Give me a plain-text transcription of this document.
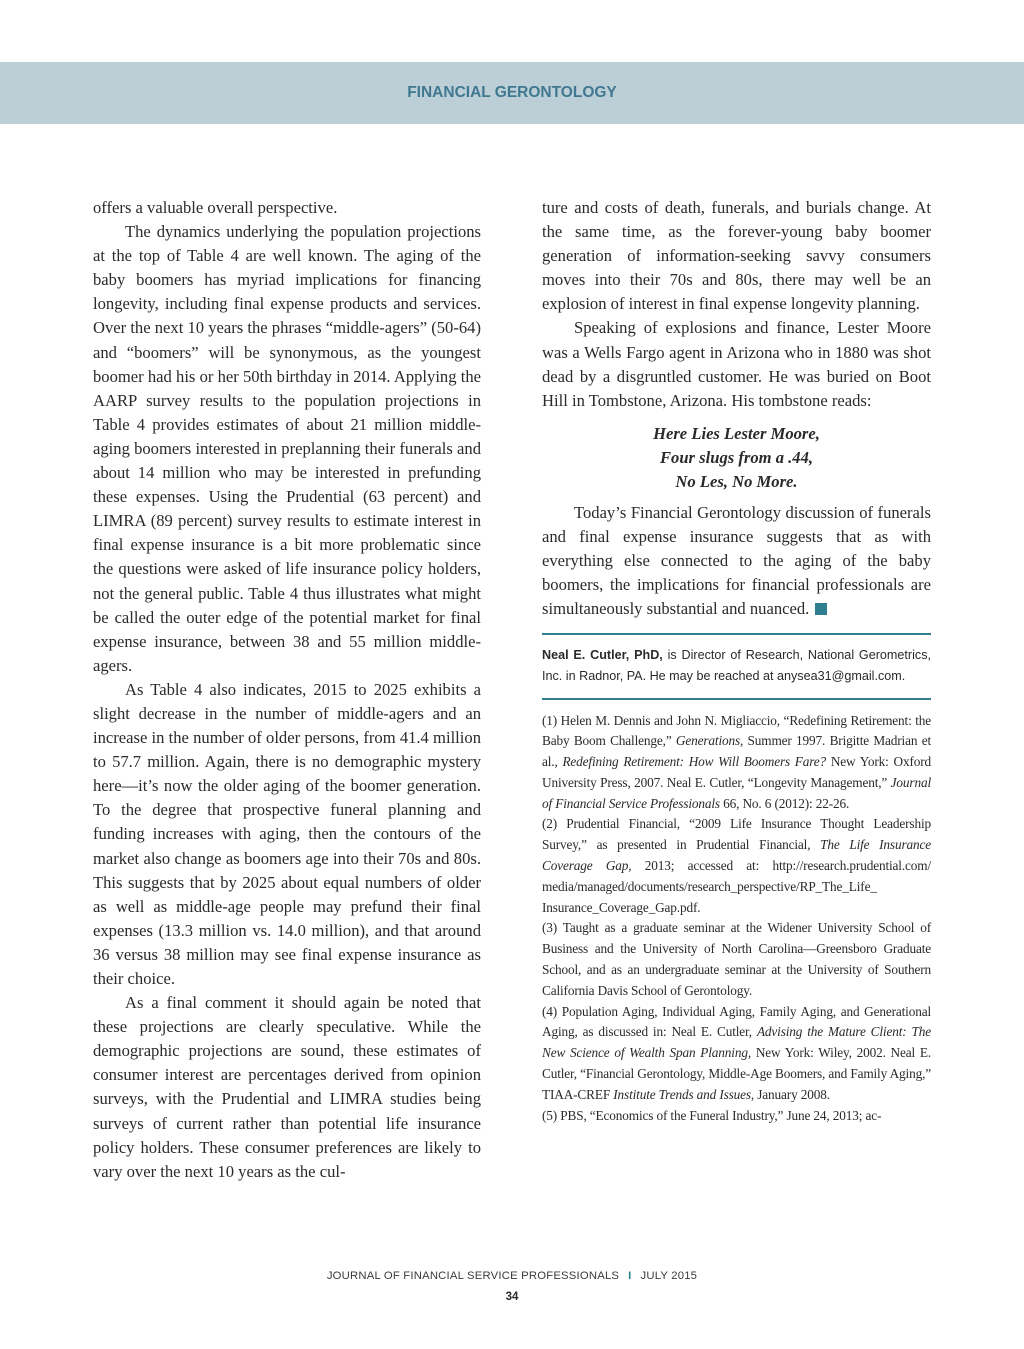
FINANCIAL GERONTOLOGY

offers a valuable overall perspective.

The dynamics underlying the population projections at the top of Table 4 are well known. The aging of the baby boomers has myriad implications for financing longevity, including final expense products and services. Over the next 10 years the phrases “middle-agers” (50-64) and “boomers” will be synonymous, as the youngest boomer had his or her 50th birthday in 2014. Applying the AARP survey results to the population projections in Table 4 provides estimates of about 21 million middle-aging boomers interested in preplanning their funerals and about 14 million who may be interested in prefunding these expenses. Using the Prudential (63 percent) and LIMRA (89 percent) survey results to estimate interest in final expense insurance is a bit more problematic since the questions were asked of life insurance policy holders, not the general public. Table 4 thus illustrates what might be called the outer edge of the potential market for final expense insurance, between 38 and 55 million middle-agers.

As Table 4 also indicates, 2015 to 2025 exhibits a slight decrease in the number of middle-agers and an increase in the number of older persons, from 41.4 million to 57.7 million. Again, there is no demographic mystery here—it’s now the older aging of the boomer generation. To the degree that prospective funeral planning and funding increases with aging, then the contours of the market also change as boomers age into their 70s and 80s. This suggests that by 2025 about equal numbers of older as well as middle-age people may prefund their final expenses (13.3 million vs. 14.0 million), and that around 36 versus 38 million may see final expense insurance as their choice.

As a final comment it should again be noted that these projections are clearly speculative. While the demographic projections are sound, these estimates of consumer interest are percentages derived from opinion surveys, with the Prudential and LIMRA studies being surveys of current rather than potential life insurance policy holders. These consumer preferences are likely to vary over the next 10 years as the cul-

ture and costs of death, funerals, and burials change. At the same time, as the forever-young baby boomer generation of information-seeking savvy consumers moves into their 70s and 80s, there may well be an explosion of interest in final expense longevity planning.

Speaking of explosions and finance, Lester Moore was a Wells Fargo agent in Arizona who in 1880 was shot dead by a disgruntled customer. He was buried on Boot Hill in Tombstone, Arizona. His tombstone reads:

Here Lies Lester Moore,
Four slugs from a .44,
No Les, No More.

Today’s Financial Gerontology discussion of funerals and final expense insurance suggests that as with everything else connected to the aging of the baby boomers, the implications for financial professionals are simultaneously substantial and nuanced.

Neal E. Cutler, PhD, is Director of Research, National Gerometrics, Inc. in Radnor, PA. He may be reached at anysea31@gmail.com.

(1) Helen M. Dennis and John N. Migliaccio, “Redefining Retirement: the Baby Boom Challenge,” Generations, Summer 1997. Brigitte Madrian et al., Redefining Retirement: How Will Boomers Fare? New York: Oxford University Press, 2007. Neal E. Cutler, “Longevity Management,” Journal of Financial Service Professionals 66, No. 6 (2012): 22-26.

(2) Prudential Financial, “2009 Life Insurance Thought Leadership Survey,” as presented in Prudential Financial, The Life Insurance Coverage Gap, 2013; accessed at: http://research.prudential.com/ media/managed/documents/research_perspective/RP_The_Life_ Insurance_Coverage_Gap.pdf.

(3) Taught as a graduate seminar at the Widener University School of Business and the University of North Carolina—Greensboro Graduate School, and as an undergraduate seminar at the University of Southern California Davis School of Gerontology.

(4) Population Aging, Individual Aging, Family Aging, and Generational Aging, as discussed in: Neal E. Cutler, Advising the Mature Client: The New Science of Wealth Span Planning, New York: Wiley, 2002. Neal E. Cutler, “Financial Gerontology, Middle-Age Boomers, and Family Aging,” TIAA-CREF Institute Trends and Issues, January 2008.

(5) PBS, “Economics of the Funeral Industry,” June 24, 2013; ac-

JOURNAL OF FINANCIAL SERVICE PROFESSIONALS I JULY 2015
34
